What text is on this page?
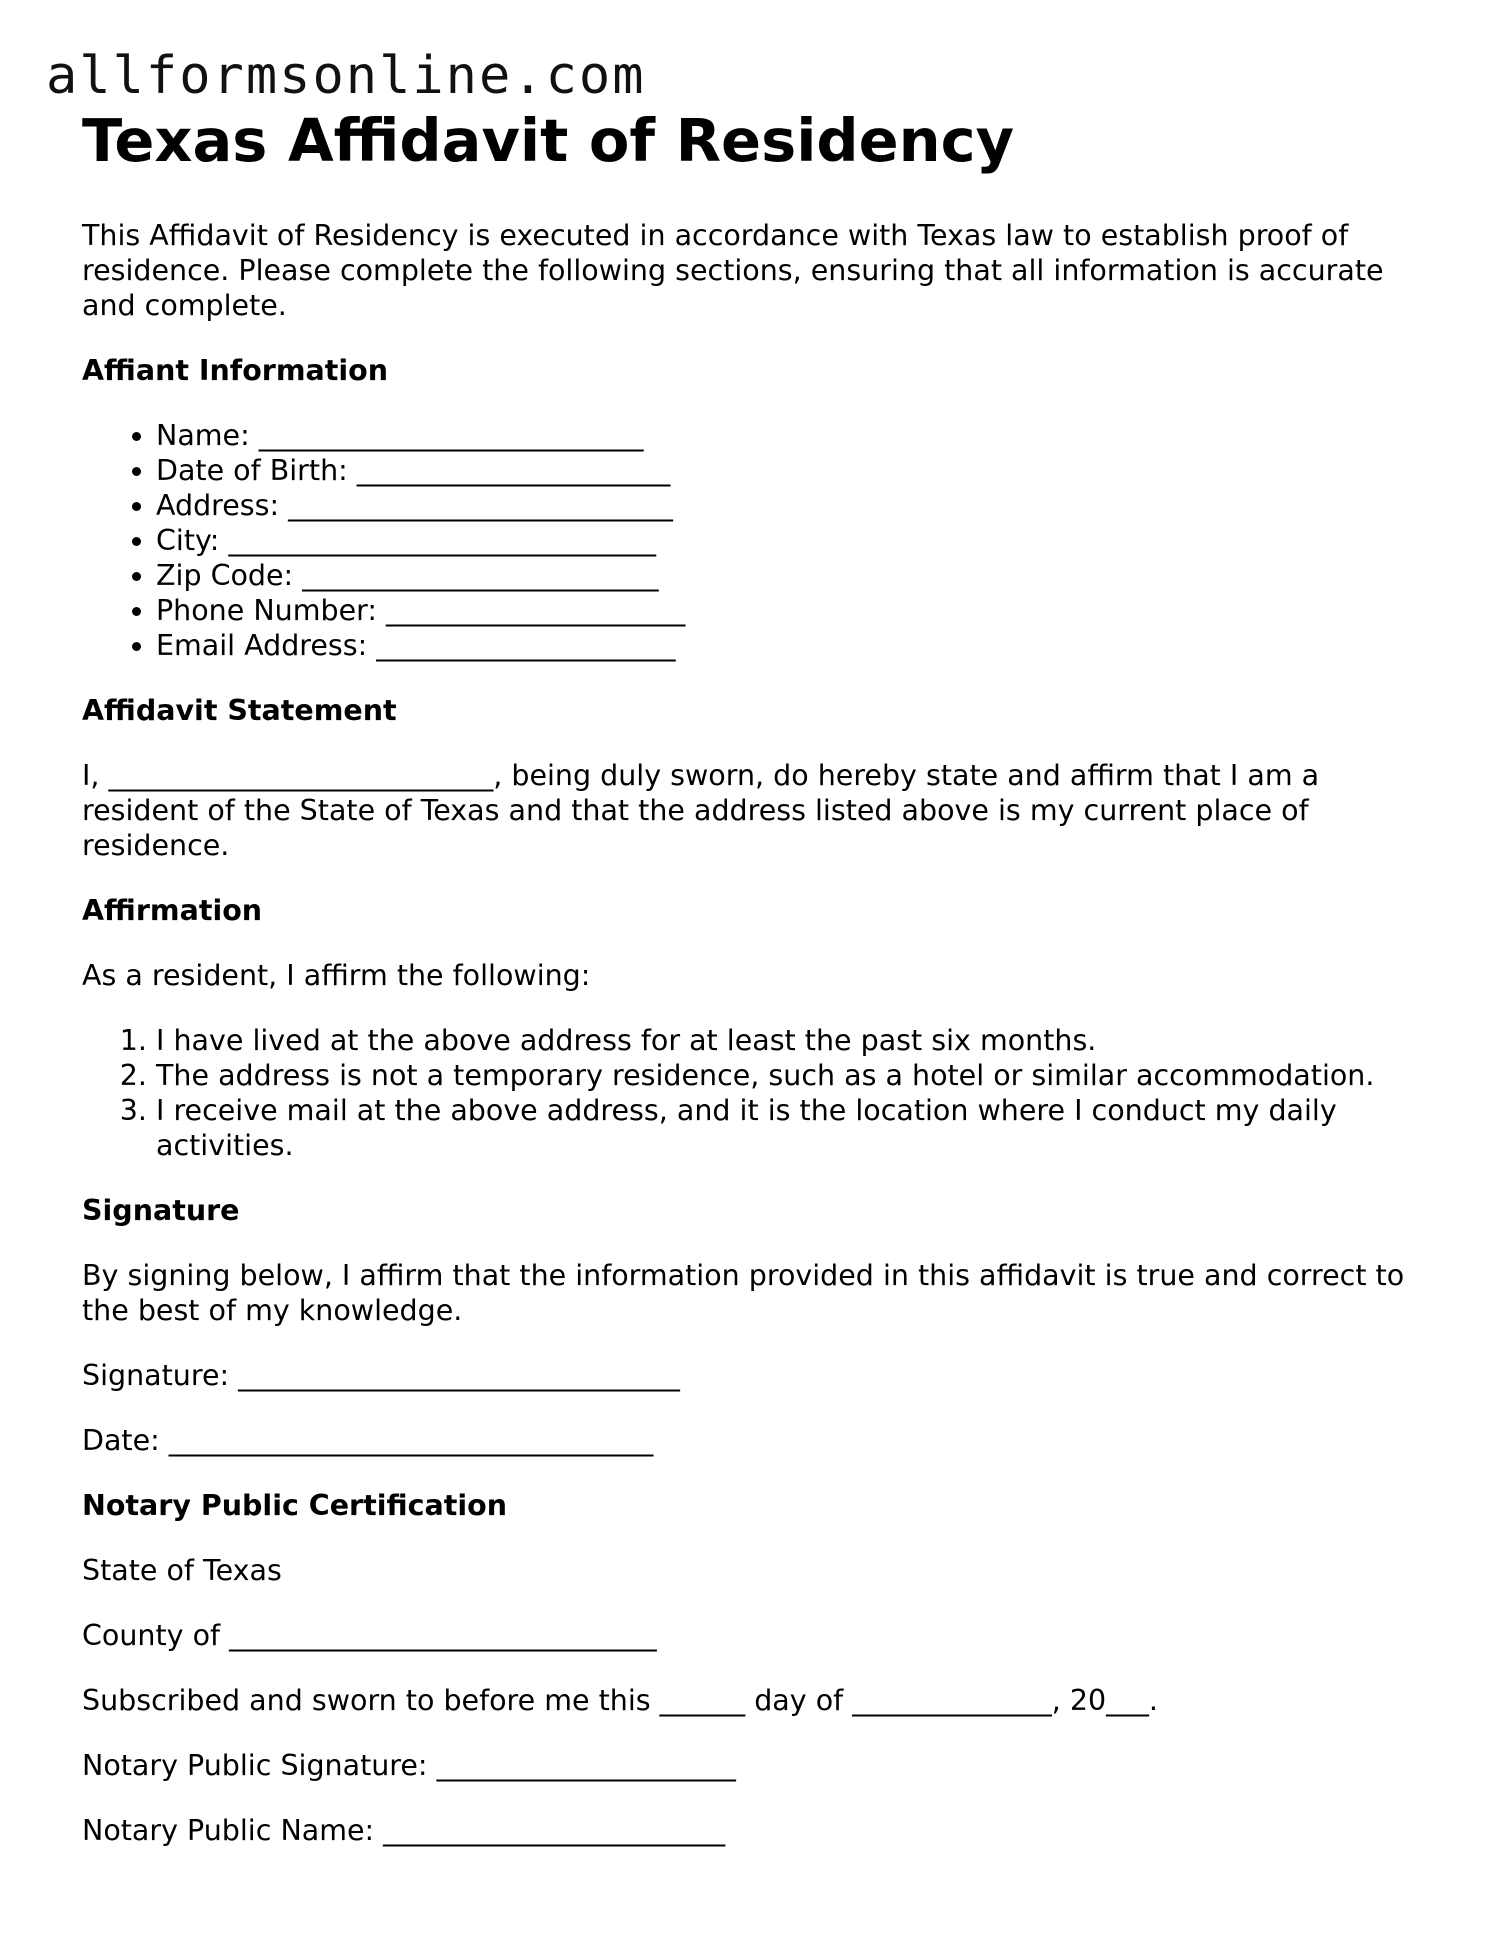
allformsonline.com
Texas Affidavit of Residency

This Affidavit of Residency is executed in accordance with Texas law to establish proof of residence. Please complete the following sections, ensuring that all information is accurate and complete.

Affiant Information
• Name: ___________________________
• Date of Birth: ______________________
• Address: ___________________________
• City: ______________________________
• Zip Code: _________________________
• Phone Number: _____________________
• Email Address: _____________________
Affidavit Statement

I, ___________________________, being duly sworn, do hereby state and affirm that I am a resident of the State of Texas and that the address listed above is my current place of residence.

Affirmation

As a resident, I affirm the following:

1. I have lived at the above address for at least the past six months.
2. The address is not a temporary residence, such as a hotel or similar accommodation.
3. I receive mail at the above address, and it is the location where I conduct my daily activities.
Signature

By signing below, I affirm that the information provided in this affidavit is true and correct to the best of my knowledge.

Signature: _______________________________

Date: __________________________________

Notary Public Certification

State of Texas

County of ______________________________

Subscribed and sworn to before me this ______ day of ______________, 20___.

Notary Public Signature: _____________________

Notary Public Name: ________________________
